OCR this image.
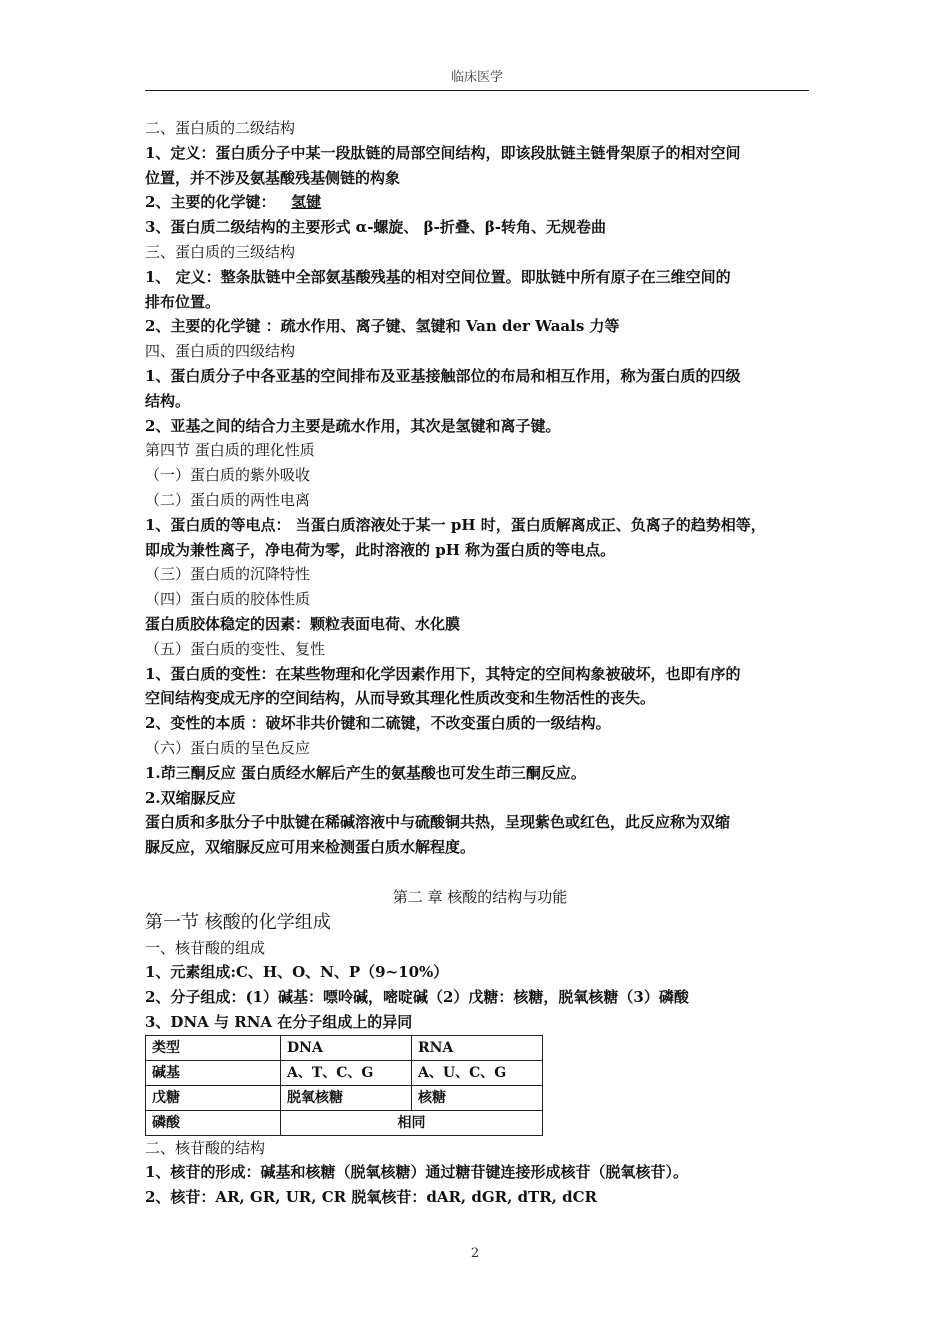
临床医学
二、蛋白质的二级结构
1、定义：蛋白质分子中某一段肽链的局部空间结构，即该段肽链主链骨架原子的相对空间
位置，并不涉及氨基酸残基侧链的构象
2、主要的化学键： 氢键
3、蛋白质二级结构的主要形式 α-螺旋、 β-折叠、β-转角、无规卷曲
三、蛋白质的三级结构
1、 定义：整条肽链中全部氨基酸残基的相对空间位置。即肽链中所有原子在三维空间的
排布位置。
2、主要的化学键 ：疏水作用、离子键、氢键和 Van der Waals 力等
四、蛋白质的四级结构
1、蛋白质分子中各亚基的空间排布及亚基接触部位的布局和相互作用，称为蛋白质的四级
结构。
2、亚基之间的结合力主要是疏水作用，其次是氢键和离子键。
第四节 蛋白质的理化性质
（一）蛋白质的紫外吸收
（二）蛋白质的两性电离
1、蛋白质的等电点： 当蛋白质溶液处于某一 pH 时，蛋白质解离成正、负离子的趋势相等，
即成为兼性离子，净电荷为零，此时溶液的 pH 称为蛋白质的等电点。
（三）蛋白质的沉降特性
（四）蛋白质的胶体性质
蛋白质胶体稳定的因素：颗粒表面电荷、水化膜
（五）蛋白质的变性、复性
1、蛋白质的变性：在某些物理和化学因素作用下，其特定的空间构象被破坏，也即有序的
空间结构变成无序的空间结构，从而导致其理化性质改变和生物活性的丧失。
2、变性的本质 ：破坏非共价键和二硫键，不改变蛋白质的一级结构。
（六）蛋白质的呈色反应
1.茚三酮反应 蛋白质经水解后产生的氨基酸也可发生茚三酮反应。
2.双缩脲反应
蛋白质和多肽分子中肽键在稀碱溶液中与硫酸铜共热，呈现紫色或红色，此反应称为双缩
脲反应，双缩脲反应可用来检测蛋白质水解程度。
第二 章 核酸的结构与功能
第一节 核酸的化学组成
一、核苷酸的组成
1、元素组成:C、H、O、N、P（9~10%）
2、分子组成：(1）碱基：嘌呤碱，嘧啶碱（2）戊糖：核糖，脱氧核糖（3）磷酸
3、DNA 与 RNA 在分子组成上的异同
类型	DNA	RNA
碱基	A、T、C、G	A、U、C、G
戊糖	脱氧核糖	核糖
磷酸	相同	
二、核苷酸的结构
1、核苷的形成：碱基和核糖（脱氧核糖）通过糖苷键连接形成核苷（脱氧核苷）。
2、核苷：AR, GR, UR, CR 脱氧核苷：dAR, dGR, dTR, dCR
2
